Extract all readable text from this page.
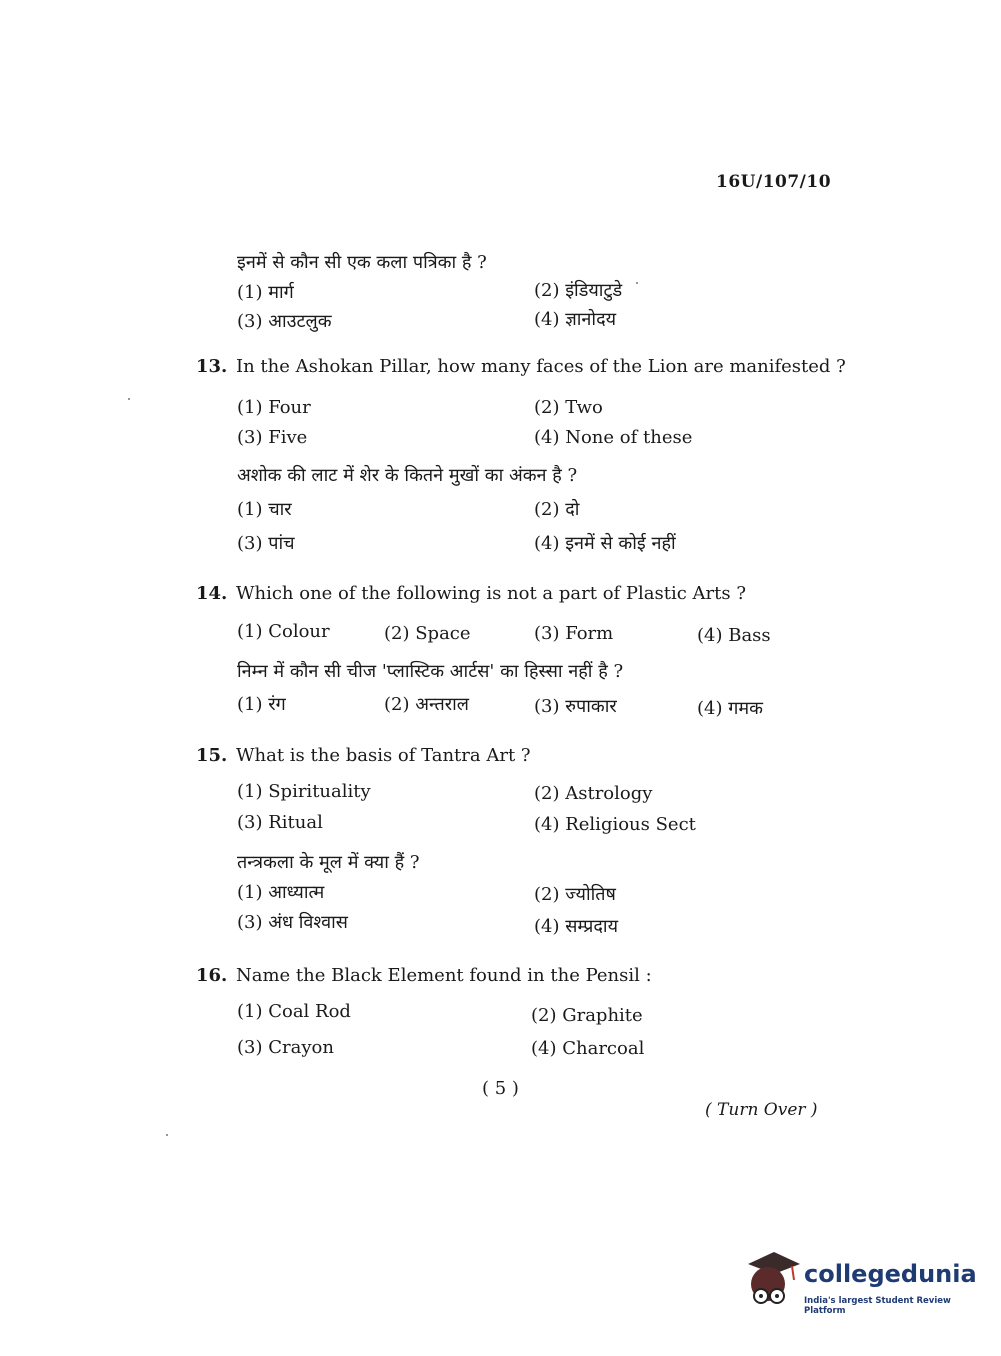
16U/107/10
इनमें से कौन सी एक कला पत्रिका है ?
(1) मार्ग	(2) इंडियाटुडे
(3) आउटलुक	(4) ज्ञानोदय
13. In the Ashokan Pillar, how many faces of the Lion are manifested ?
(1) Four	(2) Two
(3) Five	(4) None of these
अशोक की लाट में शेर के कितने मुखों का अंकन है ?
(1) चार	(2) दो
(3) पांच	(4) इनमें से कोई नहीं
14. Which one of the following is not a part of Plastic Arts ?
(1) Colour	(2) Space	(3) Form	(4) Bass
निम्न में कौन सी चीज 'प्लास्टिक आर्टस' का हिस्सा नहीं है ?
(1) रंग	(2) अन्तराल	(3) रुपाकार	(4) गमक
15. What is the basis of Tantra Art ?
(1) Spirituality	(2) Astrology
(3) Ritual	(4) Religious Sect
तन्त्रकला के मूल में क्या हैं ?
(1) आध्यात्म	(2) ज्योतिष
(3) अंध विश्वास	(4) सम्प्रदाय
16. Name the Black Element found in the Pensil :
(1) Coal Rod	(2) Graphite
(3) Crayon	(4) Charcoal
( 5 )
( Turn Over )
collegedunia
India's largest Student Review Platform
